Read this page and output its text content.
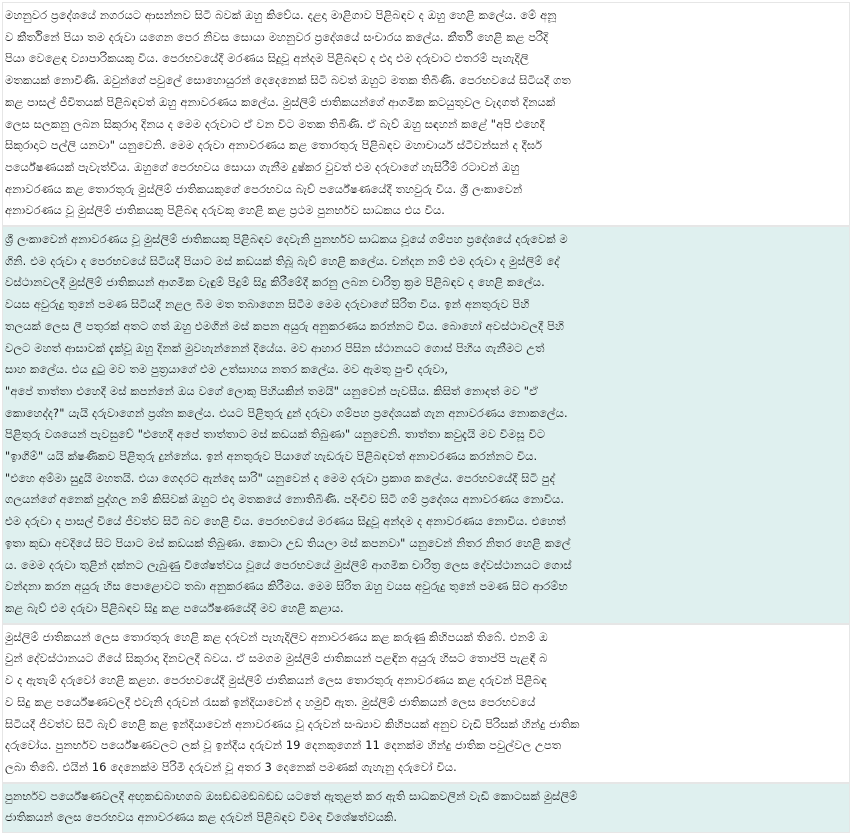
මහනුවර ප්‍රදේශයේ නගරයට ආසන්නව සිටි බවක් ඔහු කිවේය. දළදා මාළිගාව පිළිබඳව ද ඔහු හෙළි කලේය. මේ අනූ
ව කීර්තිනේ පියා තම දරුවා යගෙන පෙර නිවස සොයා මහනුවර ප්‍රදේශයේ සංචාරය කලේය. කීර්ති හෙළි කළ පරිදි
පියා වෙළෙඳ ව්‍යාපාරිකයකු විය. පෙරභවයේදී මරණය සිදුවූ අන්දම පිළිබඳව ද එදා එම දරුවාට එතරම් පැහැදිලි
මතකයක් නොවිණි. ඔවුන්ගේ පවුලේ සොහොයුරන් දෙදෙනෙක් සිටි බවත් ඔහුට මතක තිබිණි. පෙරභවයේ සිටියදී ගත
කළ පාසල් ජීවිතයක් පිළිබඳවත් ඔහු අනාවරණය කලේය. මුස්ලිම් ජාතිකයන්ගේ ආගමික කටයුතුවල වැදගත් දිනයක්
ලෙස සලකනු ලබන සිකුරාදා දිනය ද මෙම දරුවාට ඒ වන විට මතක තිබිණි. ඒ බැව් ඔහු සඳහන් කළේ "අපි එහෙදී
සිකුරාදාට පල්ලි යනවා" යනුවෙනි. මෙම දරුවා අනාවරණය කළ තොරතුරු පිළිබඳව මහාචාර්ය ස්ටීවන්සන් ද දීර්ඝ
පර්යේෂණයක් පැවැත්වීය. ඔහුගේ පෙරභවය සොයා ගැනීම දුෂ්කර වුවත් එම දරුවාගේ හැසිරීම් රටාවන් ඔහු
අනාවරණය කළ තොරතුරු මුස්ලිම් ජාතිකයකුගේ පෙරභවය බැව් පර්යේෂණයේදී තහවුරු විය. ශ්‍රී ලංකාවෙන්
අනාවරණය වූ මුස්ලිම් ජාතිකයකු පිළිබඳ දරුවකු හෙළි කළ ප්‍රථම පුනර්භව සාධකය එය විය.
ශ්‍රී ලංකාවෙන් අනාවරණය වූ මුස්ලිම් ජාතිකයකු පිළිබඳව දෙවැනි පුනර්භව සාධකය වූයේ ගම්පහ ප්‍රදේශයේ දරුවෙක් ම
ගිනි. එම දරුවා ද පෙරභවයේ සිටියදී පියාට මස් කඩයක් තිබූ බැව් හෙළි කලේය. චන්දන නම් එම දරුවා ද මුස්ලිම් දේ
වස්ථානවලදී මුස්ලිම් ජාතිකයන් ආගමික වැඳුම් පිදුම් සිදු කිරීමේදී කරනු ලබන චාරිත්‍ර ක්‍රම පිළිබඳව ද හෙළි කලේය.
වයස අවුරුදු තුනේ පමණ සිටියදී නළල බිම මත තබාගෙන සිටීම මෙම දරුවාගේ සිරිත විය. ඉන් අනතුරුව පිහි
තලයක් ලෙස ලී පතුරක් අතට ගත් ඔහු එමගින් මස් කපන අයුරු අනුකරණය කරන්නට විය. බොහෝ අවස්ථාවලදී පිහි
වලට මහත් ආසාවක් දැක්වූ ඔහු දිනක් මුවහැන්නෙන් දියේය. මව ආහාර පිසින ස්ථානයට ගොස් පිහිය ගැනීමට උත්
සාහ කලේය. එය දුටු මව තම පුත්‍රයාගේ එම උත්සාහය නතර කලේය. මව ඇමතු පුංචි දරුවා,
"අපේ තාත්තා එහෙදී මස් කපන්නේ ඔය වගේ ලොකු පිහියකින් තමයි" යනුවෙන් පැවසීය. කිසිත් නොදත් මව "ඒ
කොහෙද්ද?" යැයි දරුවාගෙන් ප්‍රශ්න කලේය. එයට පිළිතුරු දුන් දරුවා ගම්පහ ප්‍රදේශයක් ගැන අනාවරණය නොකලේය.
පිළිතුරු වශයෙන් පැවසුවේ "එහෙදී අපේ තාත්තාට මස් කඩයක් තිබුණා" යනුවෙනි. තාත්තා කවුදැයි මව විමසූ විට
"ඉාගිම්" යයි ක්ෂණිකව පිළිතුරු දුන්නේය. ඉන් අනතුරුව පියාගේ හැඩරුව පිළිබඳවත් අනාවරණය කරන්නට විය.
"එහෙ අම්මා සුදුයි මහතයි. එයා ගෙදරට ඇන්දෙ සාරි" යනුවෙන් ද මෙම දරුවා ප්‍රකාශ කලේය. පෙරභවයේදී සිටි පුද්
ගලයන්ගේ අනෙක් පුද්ගල නම් කිසිවක් ඔහුට එදා මතකයේ නොතිබිණි. පදිංචිව සිටි ගම් ප්‍රදේශය අනාවරණය නොවිය.
එම දරුවා ද පාසල් වියේ ජීවත්ව සිටි බව හෙළි විය. පෙරභවයේ මරණය සිදුවූ අන්දම ද අනාවරණය නොවිය. එහෙත්
ඉතා කුඩා අවදියේ සිට පියාට මස් කඩයක් තිබුණා. කොටා උඩ තියලා මස් කපනවා" යනුවෙන් නිතර නිතර හෙළි කලේ
ය. මෙම දරුවා තුළින් දක්නට ලැබුණු විශේෂත්වය වූයේ පෙරභවයේ මුස්ලිම් ආගමික චාරිත්‍ර ලෙස දේවස්ථානයට ගොස්
වන්දනා කරන අයුරු හිස පොළොවට තබා අනුකරණය කිරීමය. මෙම සිරිත ඔහු වයස අවුරුදු තුනේ පමණ සිට ආරම්භ
කළ බැව් එම දරුවා පිළිබඳව සිදු කළ පර්යේෂණයේදී මව හෙළි කළාය.
මුස්ලිම් ජාතිකයන් ලෙස තොරතුරු හෙළි කළ දරුවන් පැහැදිලිව අනාවරණය කළ කරුණු කිහිපයක් තිබේ. එනම් ඔ
වුන් දේවස්ථානයට ගියේ සිකුරාදා දිනවලදී බවය. ඒ සමගම මුස්ලිම් ජාතිකයන් පළඳින අයුරු හිසට තොප්පි පැළඳී බ
ව ද ඇතැම් දරුවෝ හෙළි කළහ. පෙරභවයේදී මුස්ලිම් ජාතිකයන් ලෙස තොරතුරු අනාවරණය කළ දරුවන් පිළිබඳ
ව සිදු කළ පර්යේෂණවලදී එවැනි දරුවන් රැසක් ඉන්දියාවෙන් ද හමුවී ඇත. මුස්ලිම් ජාතිකයන් ලෙස පෙරභවයේ
සිටියදී ජීවත්ව සිටි බැව් හෙළි කළ ඉන්දියාවෙන් අනාවරණය වූ දරුවන් සංඛ්‍යාව කිහිපයක් අනුව වැඩි පිරිසක් හින්දු ජාතික
දරුවෝය. පුනර්භව පර්යේෂණවලට ලක් වූ ඉන්දීය දරුවන් 19 දෙනකුගෙන් 11 දෙනක්ම හින්දු ජාතික පවුල්වල උපත
ලබා තිබේ. එයින් 16 දෙනෙක්ම පිරිමි දරුවන් වූ අතර 3 දෙනෙක් පමණක් ගැහැනු දරුවෝ විය.
පුනර්භව පර්යේෂණවලදී අඟුකඬබාඟගබ ඔඝඞඬමඞබඞඩ යටතේ ඇතුළත් කර ඇති සාධකවලින් වැඩි කොටසක් මුස්ලිම්
ජාතිකයන් ලෙස පෙරභවය අනාවරණය කළ දරුවන් පිළිබඳව විමඳ විශේෂත්වයකි.
